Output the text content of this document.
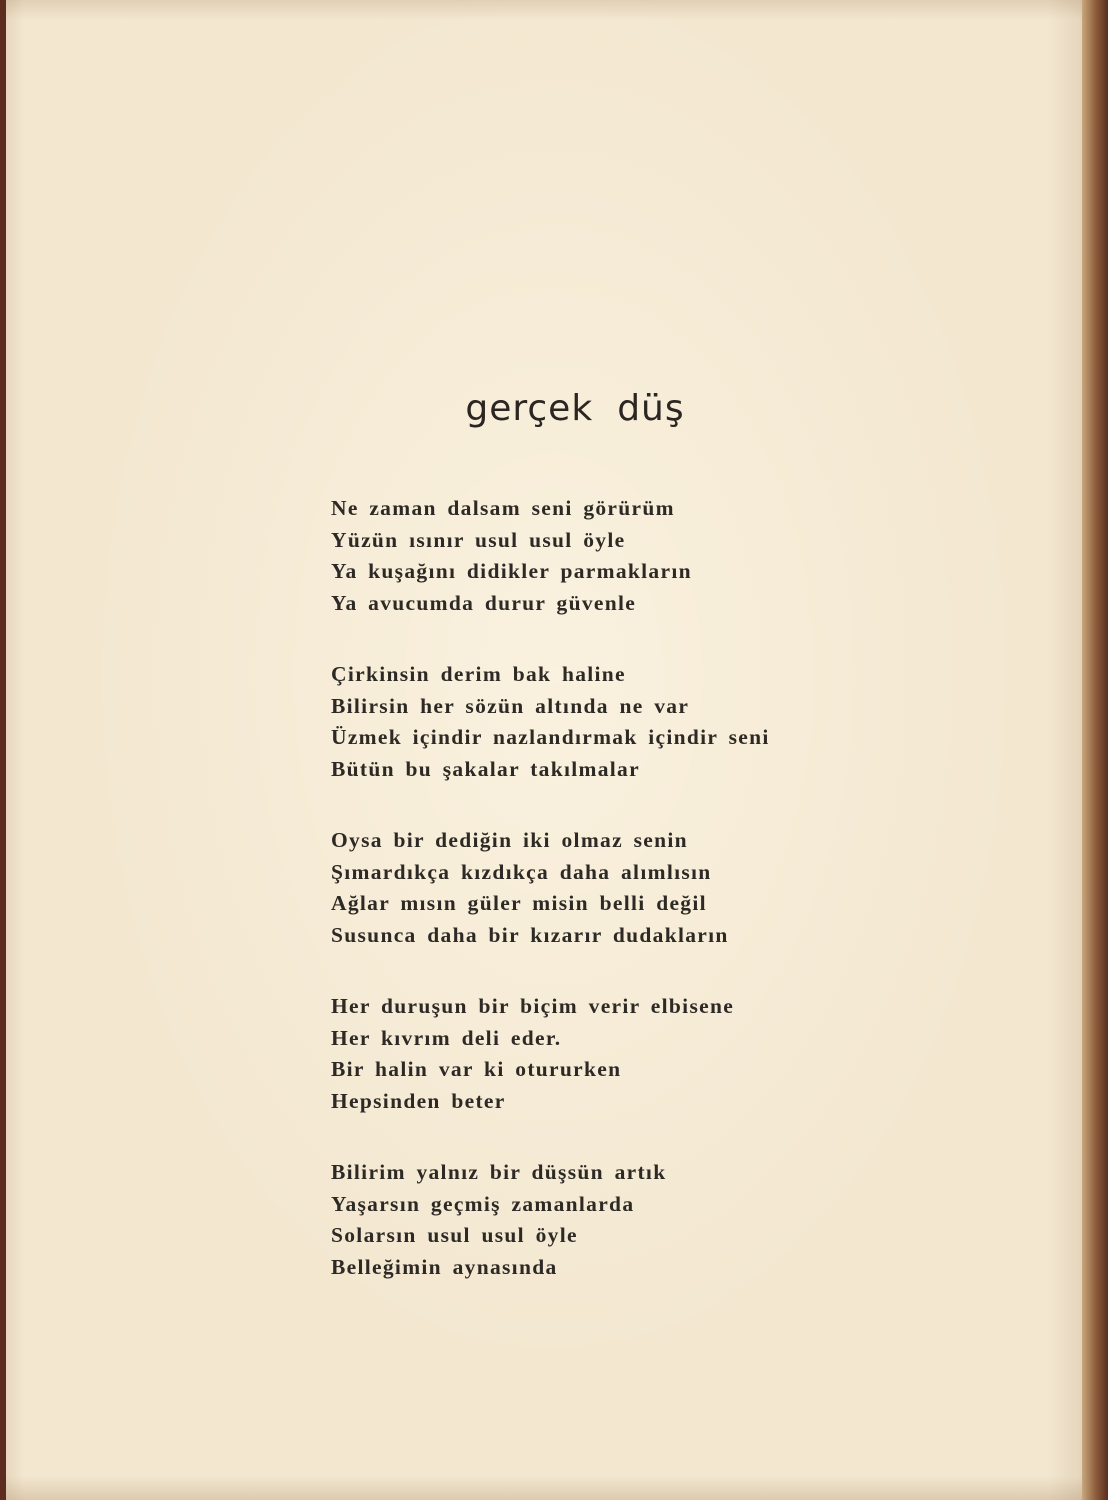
gerçek düş
Ne zaman dalsam seni görürüm
Yüzün ısınır usul usul öyle
Ya kuşağını didikler parmakların
Ya avucumda durur güvenle
Çirkinsin derim bak haline
Bilirsin her sözün altında ne var
Üzmek içindir nazlandırmak içindir seni
Bütün bu şakalar takılmalar
Oysa bir dediğin iki olmaz senin
Şımardıkça kızdıkça daha alımlısın
Ağlar mısın güler misin belli değil
Susunca daha bir kızarır dudakların
Her duruşun bir biçim verir elbisene
Her kıvrım deli eder.
Bir halin var ki otururken
Hepsinden beter
Bilirim yalnız bir düşsün artık
Yaşarsın geçmiş zamanlarda
Solarsın usul usul öyle
Belleğimin aynasında
